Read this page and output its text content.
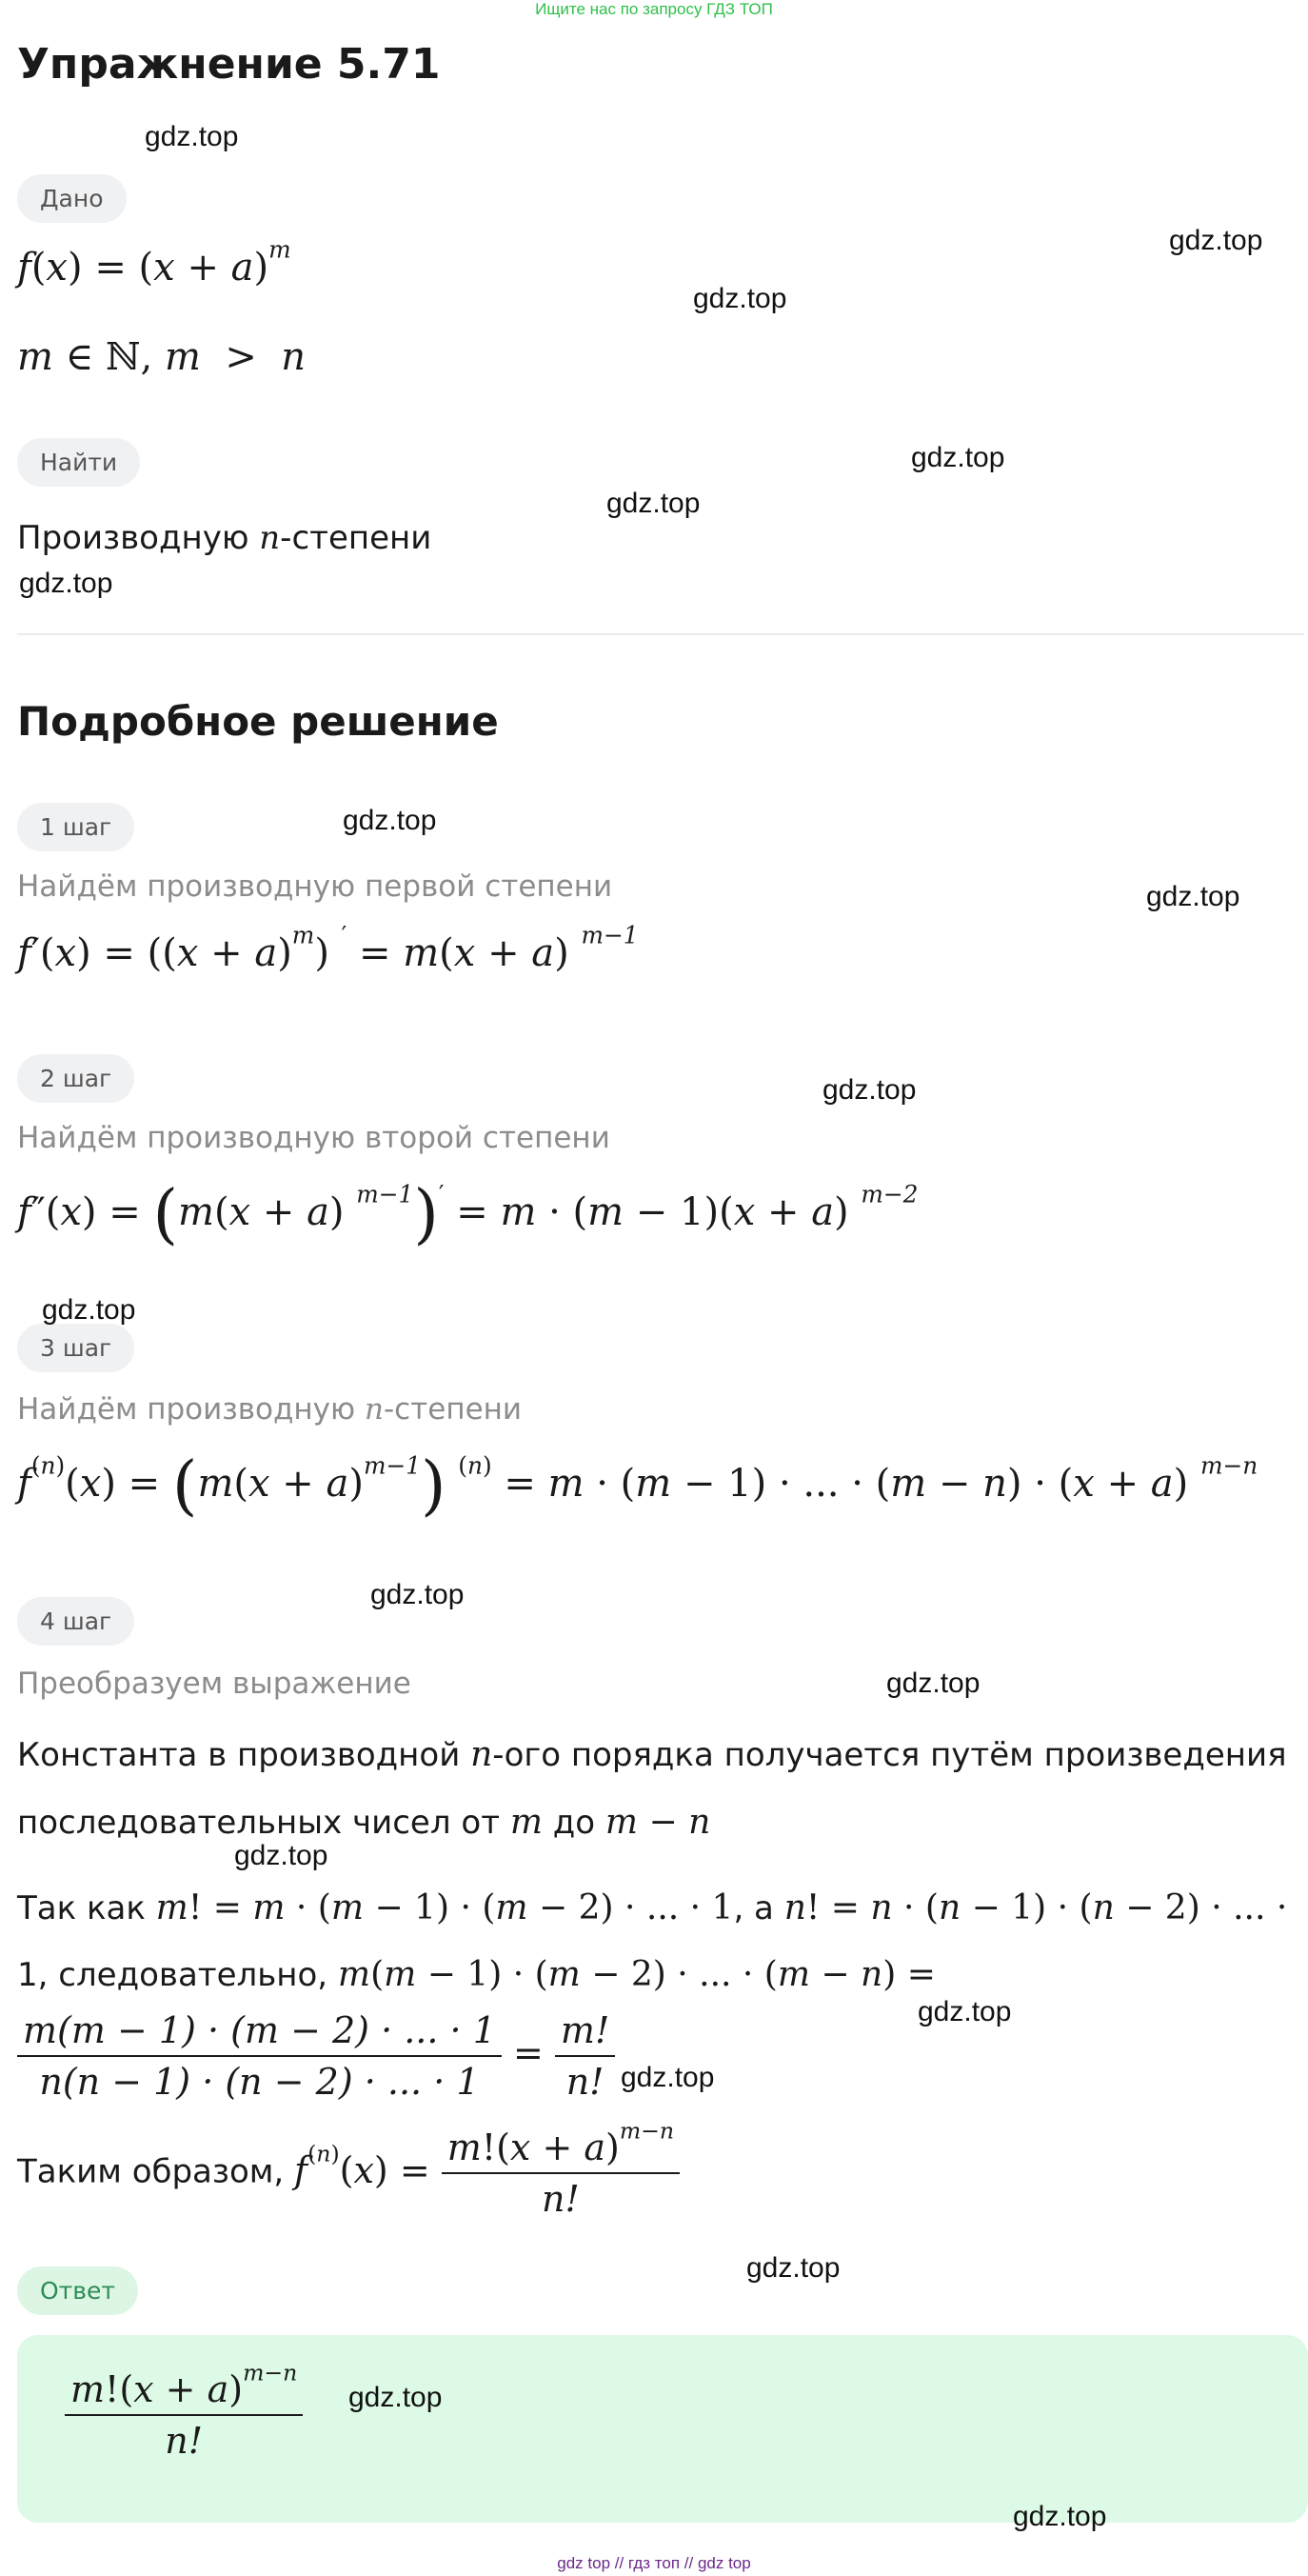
Ищите нас по запросу ГДЗ ТОП
Упражнение 5.71
Дано
$f(x) = (x + a)^m$
m ∈ ℕ, m  >  n
Найти
Производную n-степени
Подробное решение
1 шаг
Найдём производную первой степени
$f'(x) = ((x + a)^m)$ ′ = m(x + a) $^{m-1}$
2 шаг
Найдём производную второй степени
f″(x) = (m(x + a) $^{m-1}$)′ = m · (m − 1)(x + a) $^{m-2}$
3 шаг
Найдём производную n-степени
$f^{(n)}(x) = (m(x + a)^{m-1}) ^{(n)} = m \cdot (m - 1)$ · ... · (m − n) · (x + a) $^{m-n}$
4 шаг
Преобразуем выражение
Константа в производной n-ого порядка получается путём произведения
последовательных чисел от m до m − n
Так как m! = m · (m − 1) · (m − 2) · ... · 1, а n! = n · (n − 1) · (n − 2) · ... ·
1, следовательно, m(m − 1) · (m − 2) · ... · (m − n) =
$\frac{m(m - 1) \cdot (m - 2) \cdot ... \cdot 1}{n(n - 1) \cdot (n - 2) \cdot ... \cdot 1} = \frac{m!}{n!}$
Таким образом, $f^{(n)}(x) = \frac{m!(x + a)^{m-n}}{n!}$
Ответ
$\frac{m!(x + a)^{m-n}}{n!}$
gdz.top
gdz.top
gdz.top
gdz.top
gdz.top
gdz.top
gdz.top
gdz.top
gdz.top
gdz.top
gdz.top
gdz.top
gdz.top
gdz.top
gdz.top
gdz.top
gdz.top
gdz.top
gdz top // гдз топ // gdz top
